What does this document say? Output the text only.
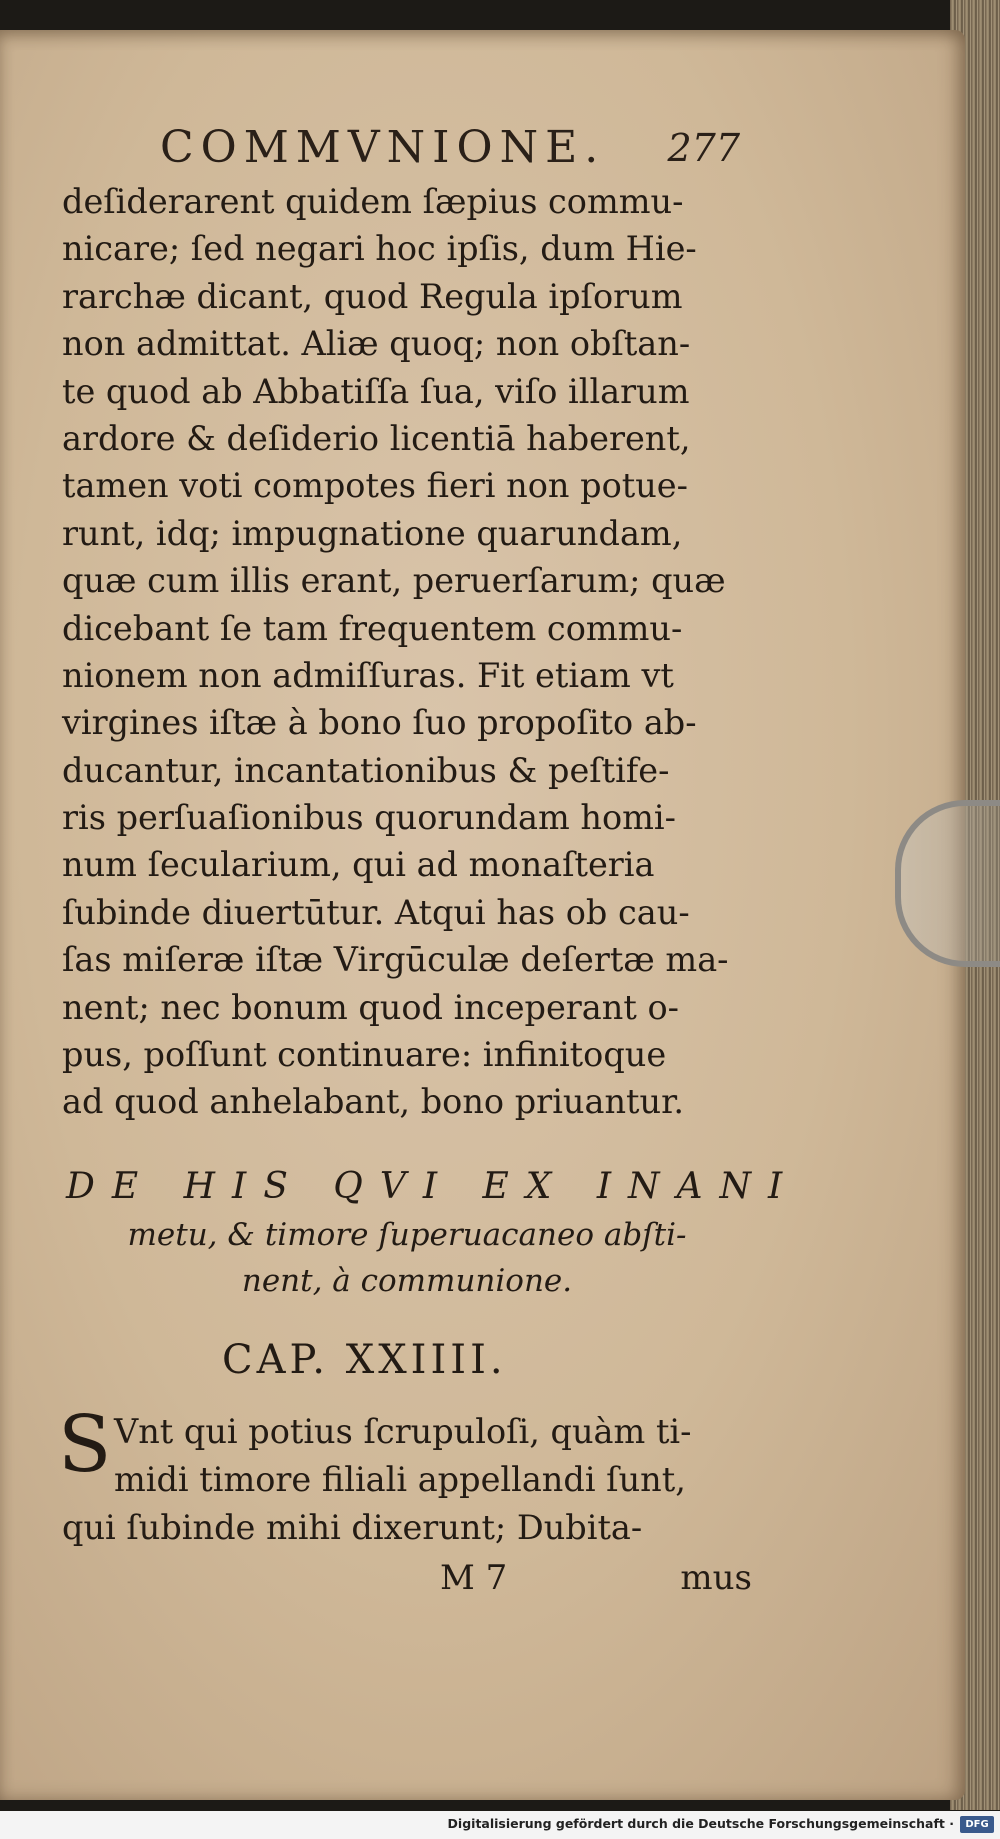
COMMVNIONE. 277
deſiderarent quidem ſæpius commu-
nicare; ſed negari hoc ipſis, dum Hie-
rarchæ dicant, quod Regula ipſorum
non admittat. Aliæ quoq; non obſtan-
te quod ab Abbatiſſa ſua, viſo illarum
ardore & deſiderio licentiā haberent,
tamen voti compotes fieri non potue-
runt, idq; impugnatione quarundam,
quæ cum illis erant, peruerſarum; quæ
dicebant ſe tam frequentem commu-
nionem non admiſſuras. Fit etiam vt
virgines iſtæ à bono ſuo propoſito ab-
ducantur, incantationibus & peſtife-
ris perſuaſionibus quorundam homi-
num ſecularium, qui ad monaſteria
ſubinde diuertūtur. Atqui has ob cau-
ſas miſeræ iſtæ Virgūculæ deſertæ ma-
nent; nec bonum quod inceperant o-
pus, poſſunt continuare: infinitoque
ad quod anhelabant, bono priuantur.
DE HIS QVI EX INANI
metu, & timore ſuperuacaneo abſti-
nent, à communione.
CAP. XXIIII.
S Vnt qui potius ſcrupuloſi, quàm ti-
midi timore filiali appellandi ſunt,
qui ſubinde mihi dixerunt; Dubita-
M 7	mus
Digitalisierung gefördert durch die Deutsche Forschungsgemeinschaft ·	DFG
